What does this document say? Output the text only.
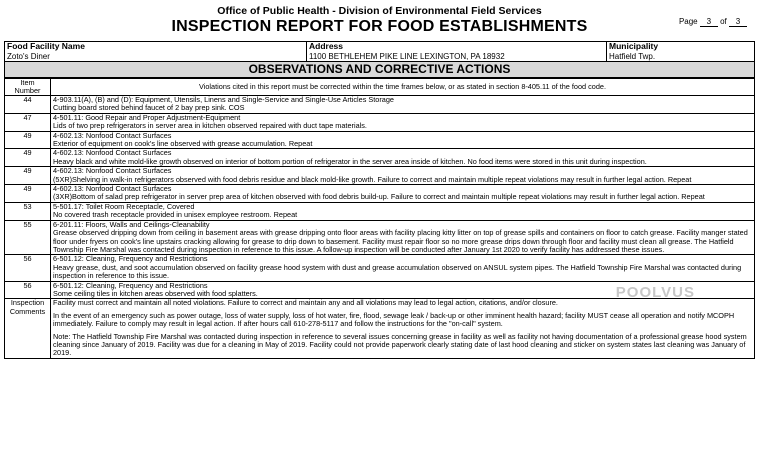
Office of Public Health - Division of Environmental Field Services
INSPECTION REPORT FOR FOOD ESTABLISHMENTS	Page 3 of 3
Food Facility Name
Zoto's Diner

Address
1100 BETHLEHEM PIKE LINE LEXINGTON, PA 18932

Municipality
Hatfield Twp.
OBSERVATIONS AND CORRECTIVE ACTIONS
Item Number	Violations cited in this report must be corrected within the time frames below, or as stated in section 8-405.11 of the food code.
44	4-903.11(A), (B) and (D): Equipment, Utensils, Linens and Single-Service and Single-Use Articles Storage
Cutting board stored behind faucet of 2 bay prep sink. COS

47	4-501.11: Good Repair and Proper Adjustment-Equipment
Lids of two prep refrigerators in server area in kitchen observed repaired with duct tape materials.

49	4-602.13: Nonfood Contact Surfaces
Exterior of equipment on cook's line observed with grease accumulation. Repeat

49	4-602.13: Nonfood Contact Surfaces
Heavy black and white mold-like growth observed on interior of bottom portion of refrigerator in the server area inside of kitchen. No food items were stored in this unit during inspection.

49	4-602.13: Nonfood Contact Surfaces
(5XR)Shelving in walk-in refrigerators observed with food debris residue and black mold-like growth. Failure to correct and maintain multiple repeat violations may result in further legal action. Repeat

49	4-602.13: Nonfood Contact Surfaces
(3XR)Bottom of salad prep refrigerator in server prep area of kitchen observed with food debris build-up. Failure to correct and maintain multiple repeat violations may result in further legal action. Repeat

53	5-501.17: Toilet Room Receptacle, Covered
No covered trash receptacle provided in unisex employee restroom. Repeat

55	6-201.11: Floors, Walls and Ceilings-Cleanability
Grease observed dripping down from ceiling in basement areas with grease dripping onto floor areas with facility placing kitty litter on top of grease spills and containers on floor to catch grease. Facility manger stated floor under fryers on cook's line upstairs cracking allowing for grease to drip down to basement. Facility must repair floor so no more grease drips down through floor and facility must clean all grease. The Hatfield Township Fire Marshal was contacted during inspection in reference to this issue. A follow-up inspection will be conducted after January 1st 2020 to verify facility has addressed these issues.

56	6-501.12: Cleaning, Frequency and Restrictions
Heavy grease, dust, and soot accumulation observed on facility grease hood system with dust and grease accumulation observed on ANSUL system pipes. The Hatfield Township Fire Marshal was contacted during inspection in reference to this issue.

56	6-501.12: Cleaning, Frequency and Restrictions
Some ceiling tiles in kitchen areas observed with food splatters.

Inspection Comments	Facility must correct and maintain all noted violations. Failure to correct and maintain any and all violations may lead to legal action, citations, and/or closure.
In the event of an emergency such as power outage, loss of water supply, loss of hot water, fire, flood, sewage leak / back-up or other imminent health hazard; facility MUST cease all operation and notify MCOPH immediately. Failure to comply may result in legal action. If after hours call 610-278-5117 and follow the instructions for the "on-call" system.
Note: The Hatfield Township Fire Marshal was contacted during inspection in reference to several issues concerning grease in facility as well as facility not having documentation of a professional grease hood system cleaning since January of 2019. Facility was due for a cleaning in May of 2019. Facility could not provide paperwork clearly stating date of last hood cleaning and sticker on system states last cleaning was January of 2019.
POOLVUS
